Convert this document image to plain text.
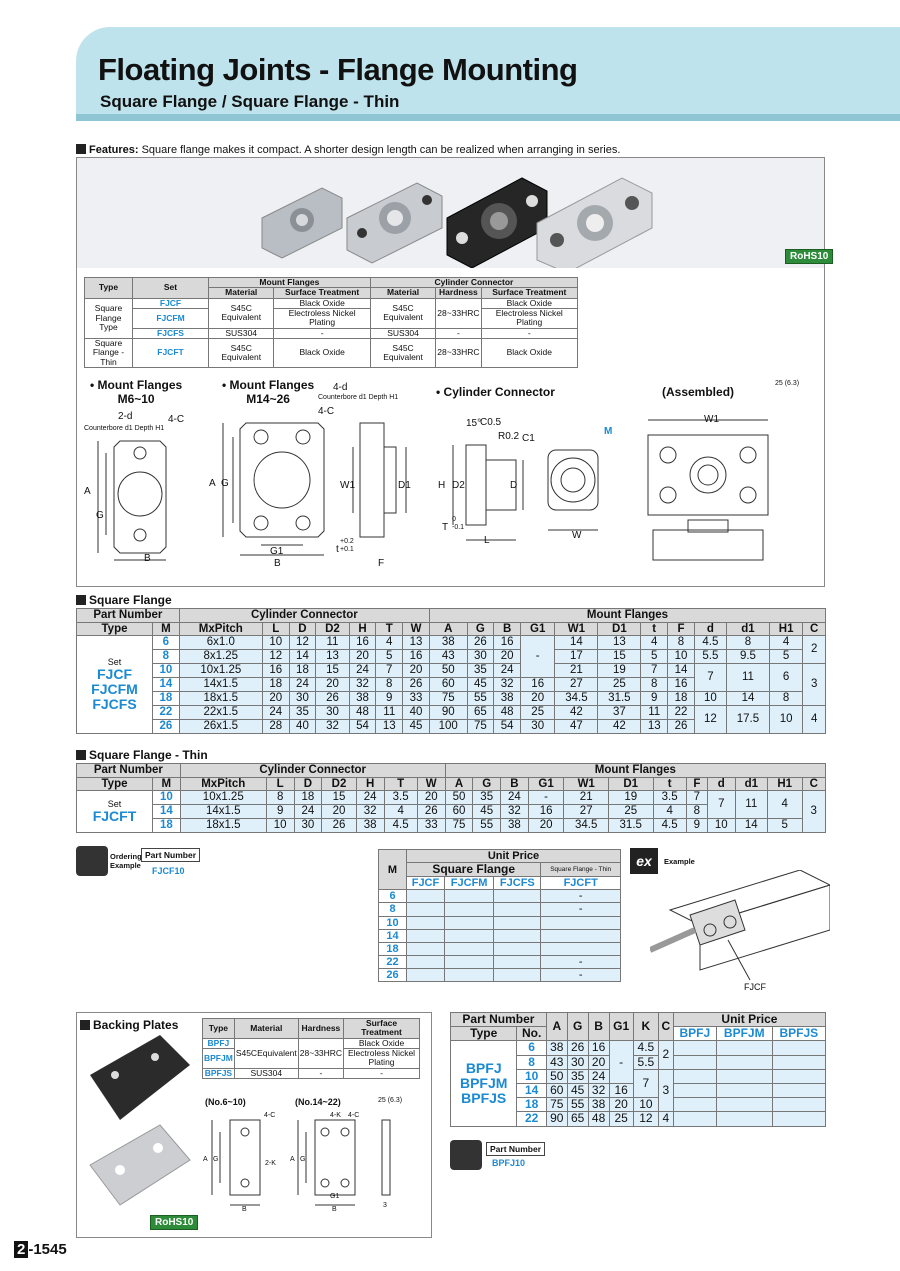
Floating Joints - Flange Mounting
Square Flange / Square Flange - Thin
Features: Square flange makes it compact. A shorter design length can be realized when arranging in series.
RoHS10
Type	Set	Mount Flanges		Cylinder Connector		
		Material	Surface Treatment	Material	Hardness	Surface Treatment
Square Flange Type	FJCF	S45C Equivalent	Black Oxide	S45C Equivalent	28~33HRC	Black Oxide
	FJCFM		Electroless Nickel Plating			Electroless Nickel Plating
	FJCFS	SUS304	-	SUS304	-	-
Square Flange - Thin	FJCFT	S45C Equivalent	Black Oxide	S45C Equivalent	28~33HRC	Black Oxide
• Mount Flanges
M6~10
• Mount Flanges
M14~26	• Cylinder Connector	(Assembled)
25 (6.3)
2-d	4-C
Counterbore d1 Depth H1
A
G
B
4-d
Counterbore d1 Depth H1
4-C
A G
G1
B
W1	D1
+0.2
+0.1
t
F
15°
C0.5
R0.2 C1
H D2	D
T
0
-0.1
L
M
W
W1
Square Flange
Part Number		Cylinder Connector							Mount Flanges											
Type	M	MxPitch	L	D	D2	H	T	W	A	G	B	G1	W1	D1	t	F	d	d1	H1	C

Set
FJCF
FJCFM
FJCFS	6	6x1.0	10	12	11	16	4	13	38	26	16	-	14	13	4	8	4.5	8	4	2
	8	8x1.25	12	14	13	20	5	16	43	30	20		17	15	5	10	5.5	9.5	5	
	10	10x1.25	16	18	15	24	7	20	50	35	24		21	19	7	14	7	11	6	3
	14	14x1.5	18	24	20	32	8	26	60	45	32	16	27	25	8	16				
	18	18x1.5	20	30	26	38	9	33	75	55	38	20	34.5	31.5	9	18	10	14	8	
	22	22x1.5	24	35	30	48	11	40	90	65	48	25	42	37	11	22	12	17.5	10	4
	26	26x1.5	28	40	32	54	13	45	100	75	54	30	47	42	13	26				
Square Flange - Thin
Part Number		Cylinder Connector							Mount Flanges											
Type	M	MxPitch	L	D	D2	H	T	W	A	G	B	G1	W1	D1	t	F	d	d1	H1	C

Set
FJCFT	10	10x1.25	8	18	15	24	3.5	20	50	35	24	-	21	19	3.5	7	7	11	4	3
	14	14x1.5	9	24	20	32	4	26	60	45	32	16	27	25	4	8				
	18	18x1.5	10	30	26	38	4.5	33	75	55	38	20	34.5	31.5	4.5	9	10	14	5	
Ordering
Example
Part Number
FJCF10	M	Unit Price			
	Square Flange			Square Flange - Thin
	FJCF	FJCFM	FJCFS	FJCFT
6				-
8				-
10				
14				
18				
22				-
26				-
ex	Example
FJCF
Backing Plates
RoHS10
Type	Material	Hardness	Surface Treatment
BPFJ	S45CEquivalent	28~33HRC	Black Oxide
BPFJM			Electroless Nickel Plating
BPFJS	SUS304	-	-
(No.6~10)	(No.14~22)	25 (6.3)
4-C
2-K
4-K 4-C
A G
B
A G
G1
B
3
Part Number		A	G	B	G1	K	C	Unit Price		
Type	No.							BPFJ	BPFJM	BPFJS

BPFJ
BPFJM
BPFJS	6	38	26	16	-	4.5	2			
	8	43	30	20		5.5				
	10	50	35	24		7	3			
	14	60	45	32	16					
	18	75	55	38	20	10				
	22	90	65	48	25	12	4			
Part Number
BPFJ10
2 -1545
